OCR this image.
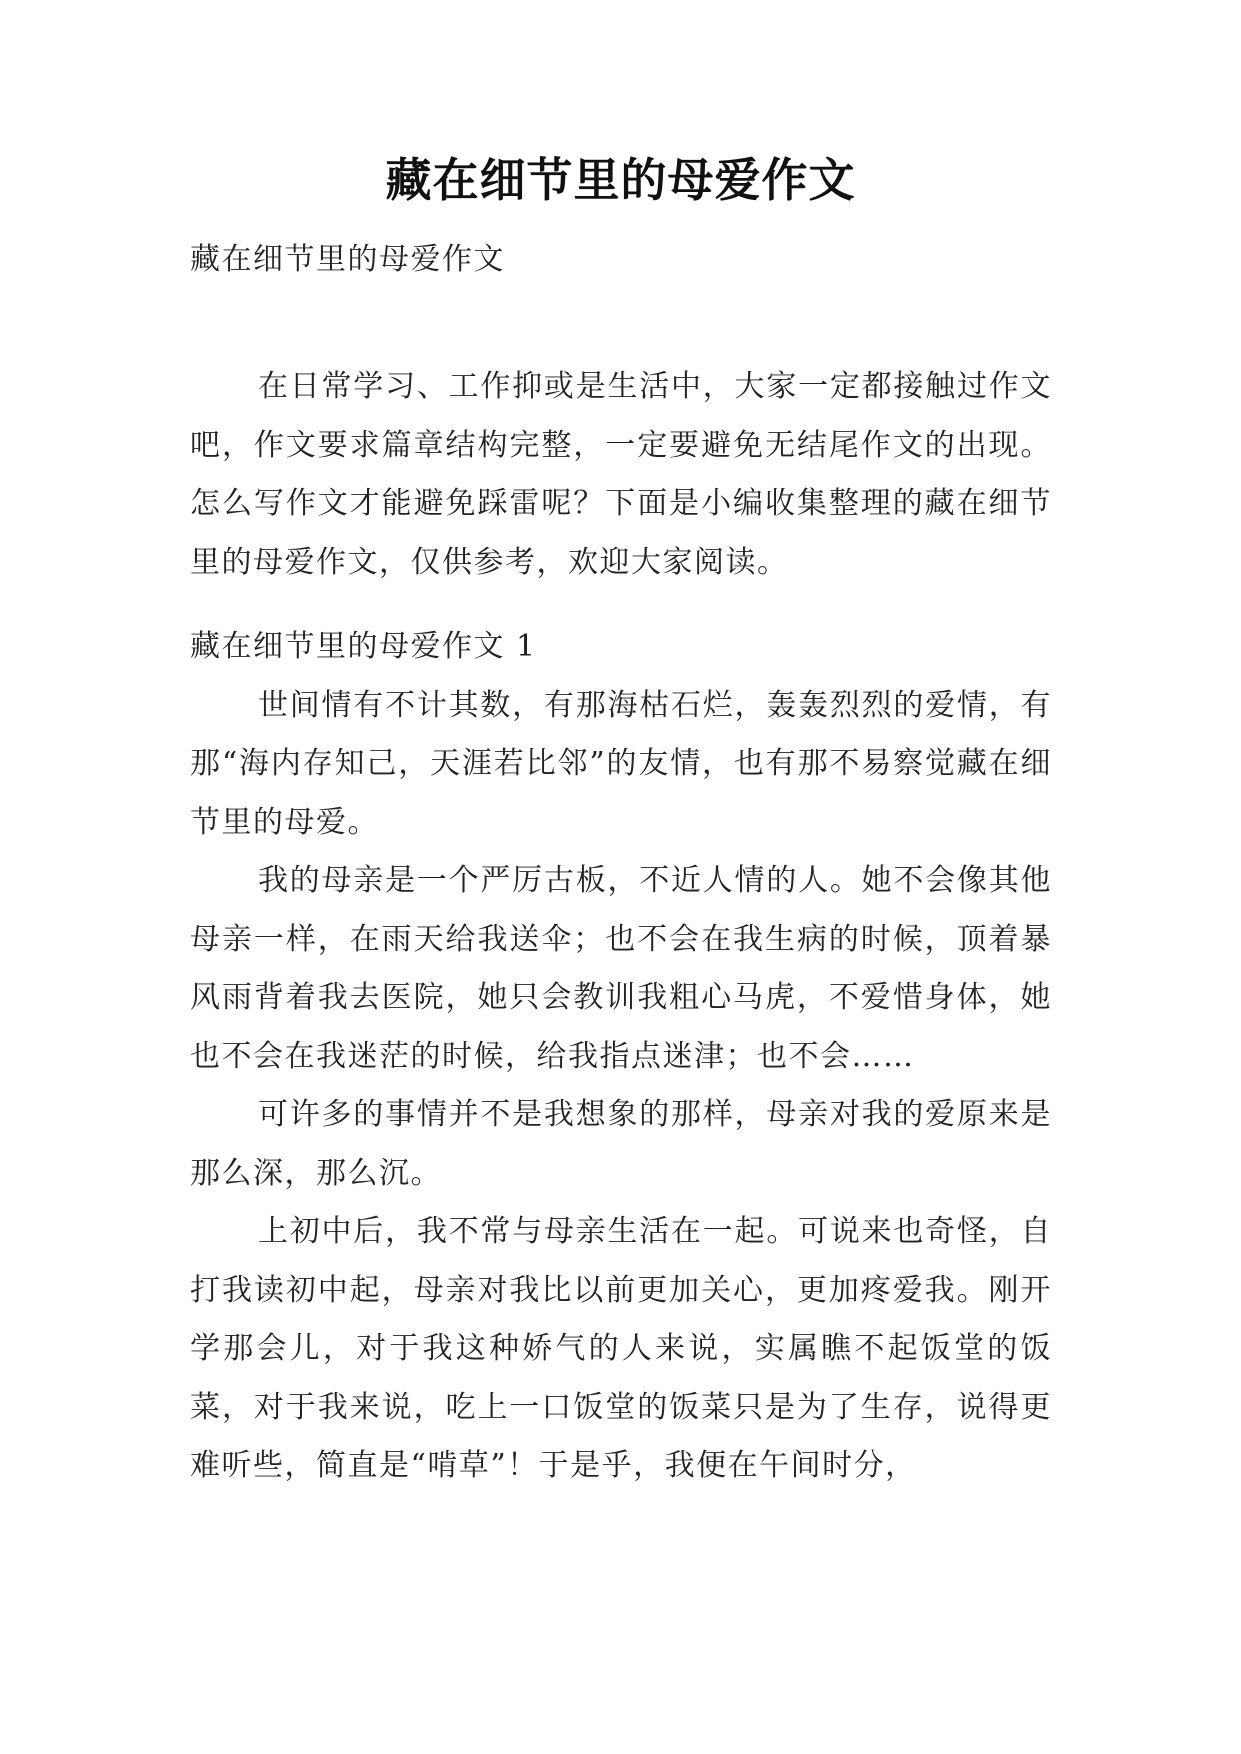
藏在细节里的母爱作文

藏在细节里的母爱作文

在日常学习、工作抑或是生活中，大家一定都接触过作文吧，作文要求篇章结构完整，一定要避免无结尾作文的出现。怎么写作文才能避免踩雷呢？下面是小编收集整理的藏在细节里的母爱作文，仅供参考，欢迎大家阅读。

藏在细节里的母爱作文 1

世间情有不计其数，有那海枯石烂，轰轰烈烈的爱情，有那“海内存知己，天涯若比邻”的友情，也有那不易察觉藏在细节里的母爱。

我的母亲是一个严厉古板，不近人情的人。她不会像其他母亲一样，在雨天给我送伞；也不会在我生病的时候，顶着暴风雨背着我去医院，她只会教训我粗心马虎，不爱惜身体，她也不会在我迷茫的时候，给我指点迷津；也不会……

可许多的事情并不是我想象的那样，母亲对我的爱原来是那么深，那么沉。

上初中后，我不常与母亲生活在一起。可说来也奇怪，自打我读初中起，母亲对我比以前更加关心，更加疼爱我。刚开学那会儿，对于我这种娇气的人来说，实属瞧不起饭堂的饭菜，对于我来说，吃上一口饭堂的饭菜只是为了生存，说得更难听些，简直是“啃草”！于是乎，我便在午间时分，
